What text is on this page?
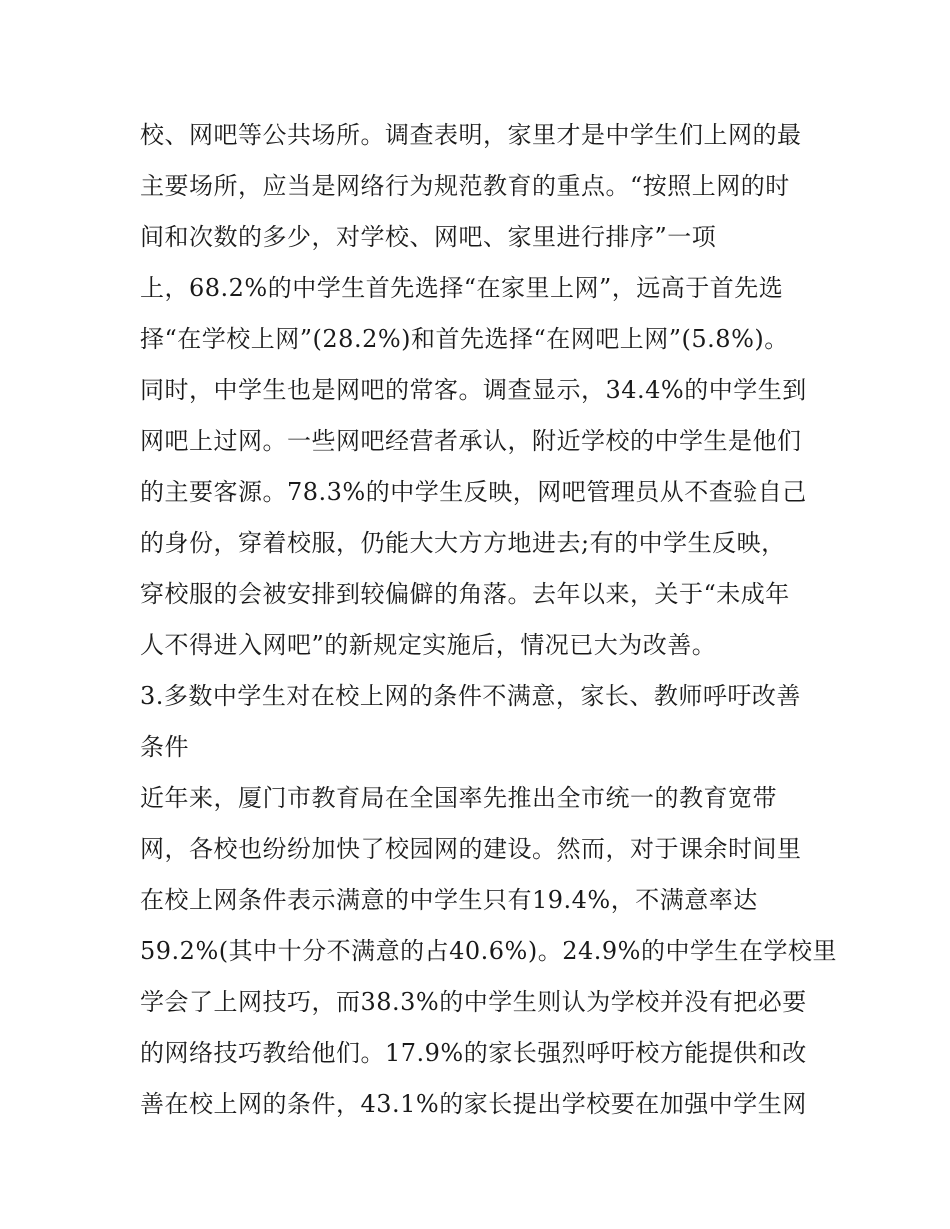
校、网吧等公共场所。调查表明，家里才是中学生们上网的最
主要场所，应当是网络行为规范教育的重点。“按照上网的时
间和次数的多少，对学校、网吧、家里进行排序”一项
上，68.2%的中学生首先选择“在家里上网”，远高于首先选
择“在学校上网”(28.2%)和首先选择“在网吧上网”(5.8%)。
同时，中学生也是网吧的常客。调查显示，34.4%的中学生到
网吧上过网。一些网吧经营者承认，附近学校的中学生是他们
的主要客源。78.3%的中学生反映，网吧管理员从不查验自己
的身份，穿着校服，仍能大大方方地进去;有的中学生反映，
穿校服的会被安排到较偏僻的角落。去年以来，关于“未成年
人不得进入网吧”的新规定实施后，情况已大为改善。
3.多数中学生对在校上网的条件不满意，家长、教师呼吁改善
条件
近年来，厦门市教育局在全国率先推出全市统一的教育宽带
网，各校也纷纷加快了校园网的建设。然而，对于课余时间里
在校上网条件表示满意的中学生只有19.4%，不满意率达
59.2%(其中十分不满意的占40.6%)。24.9%的中学生在学校里
学会了上网技巧，而38.3%的中学生则认为学校并没有把必要
的网络技巧教给他们。17.9%的家长强烈呼吁校方能提供和改
善在校上网的条件，43.1%的家长提出学校要在加强中学生网
